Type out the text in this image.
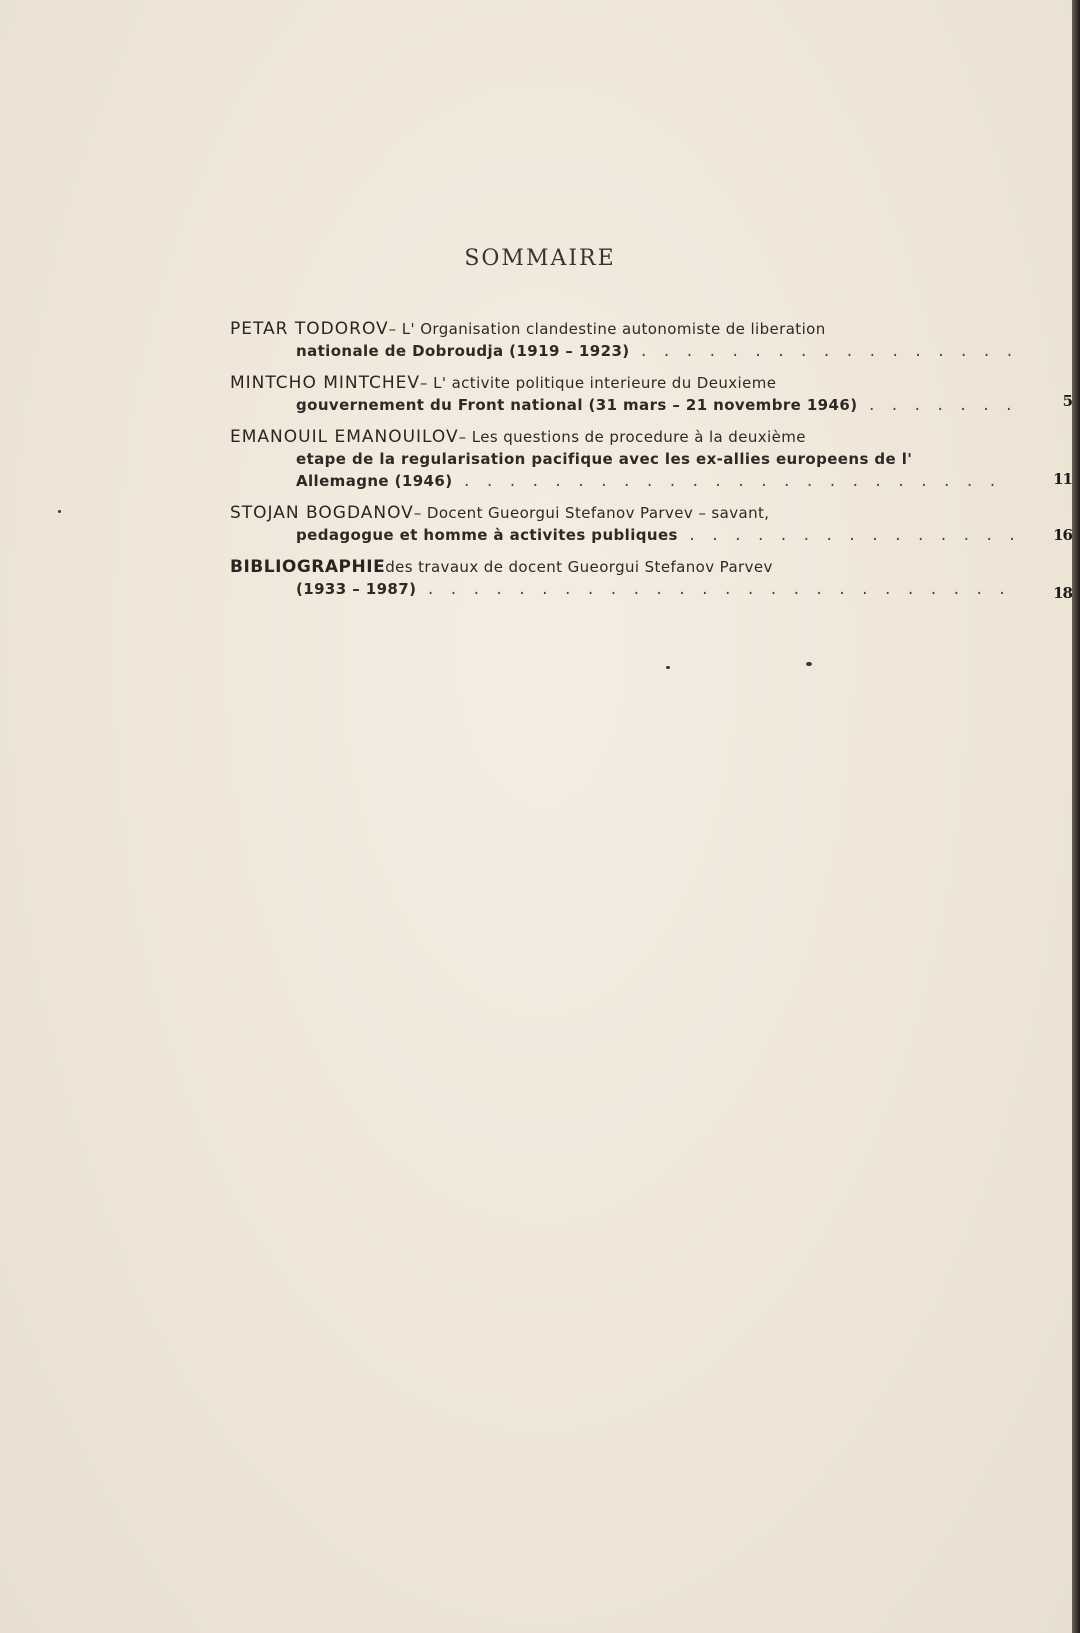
5
11
16
18
SOMMAIRE
PETAR TODOROV – L' Organisation clandestine autonomiste de liberation
nationale de Dobroudja (1919 – 1923)
. . .
MINTCHO MINTCHEV – L' activite politique interieure du Deuxieme
gouvernement du Front national (31 mars – 21 novembre 1946)
. . .
EMANOUIL EMANOUILOV – Les questions de procedure à la deuxième
etape de la regularisation pacifique avec les ex-allies europeens de l'
Allemagne (1946)
. . .
STOJAN BOGDANOV – Docent Gueorgui Stefanov Parvev – savant,
pedagogue et homme à activites publiques
. . .
BIBLIOGRAPHIE des travaux de docent Gueorgui Stefanov Parvev
(1933 – 1987)
. . .
